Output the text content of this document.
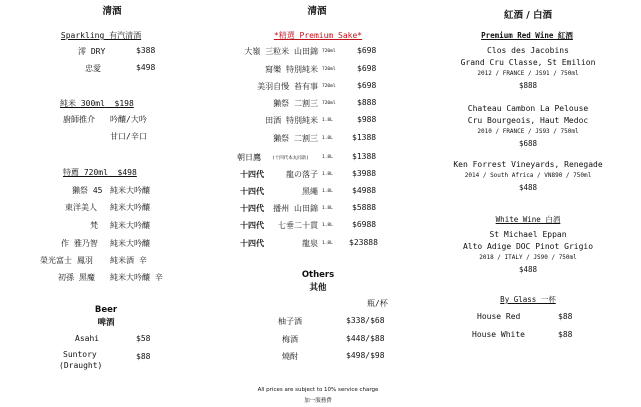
清酒
Sparkling 有汽清酒
澪 DRY	$388
忠愛	$498
純米 300ml $198
廚師推介 吟釀/大吟
甘口/辛口
特薦 720ml $498
獺祭 45 純米大吟釀
東洋美人 純米大吟釀
梵 純米大吟釀
作 雅乃智 純米大吟釀
榮光富士 鳳羽 純米酒 辛
初孫 黑魔 純米大吟釀 辛
Beer
啤酒
Asahi	$58
Suntory
(Draught)
$88
清酒
*精選 Premium Sake*
大嶺 三粒米 山田錦 720ml	$698
寫樂 特別純米 720ml	$698
美羽自慢 苔有事 720ml	$698
獺祭 二割三 720ml	$888
田酒 特別純米 1.8L	$988
獺祭 二割三 1.8L $1388
朝日鷹 (十四代本丸同款)	1.8L $1388
十四代	龍の落子 1.8L $3988
十四代	黑繩 1.8L $4988
十四代 播州 山田錦 1.8L $5888
十四代 七垂二十貫 1.8L $6988
十四代	龍泉 1.8L $23888
Others
其他
瓶/杯
柚子酒	$338/$68
梅酒	$448/$88
燒酎	$498/$98
All prices are subject to 10% service charge
加一服務費
紅酒 / 白酒
Premium Red Wine 紅酒
Clos des Jacobins
Grand Cru Classe, St Emilion
2012 / FRANCE / JS91 / 750ml
$888
Chateau Cambon La Pelouse
Cru Bourgeois, Haut Medoc
2010 / FRANCE / JS93 / 750ml
$688
Ken Forrest Vineyards, Renegade
2014 / South Africa / VN890 / 750ml
$488
White Wine 白酒
St Michael Eppan
Alto Adige DOC Pinot Grigio
2018 / ITALY / JS90 / 750ml
$488
By Glass 一杯
House Red	$88
House White	$88
